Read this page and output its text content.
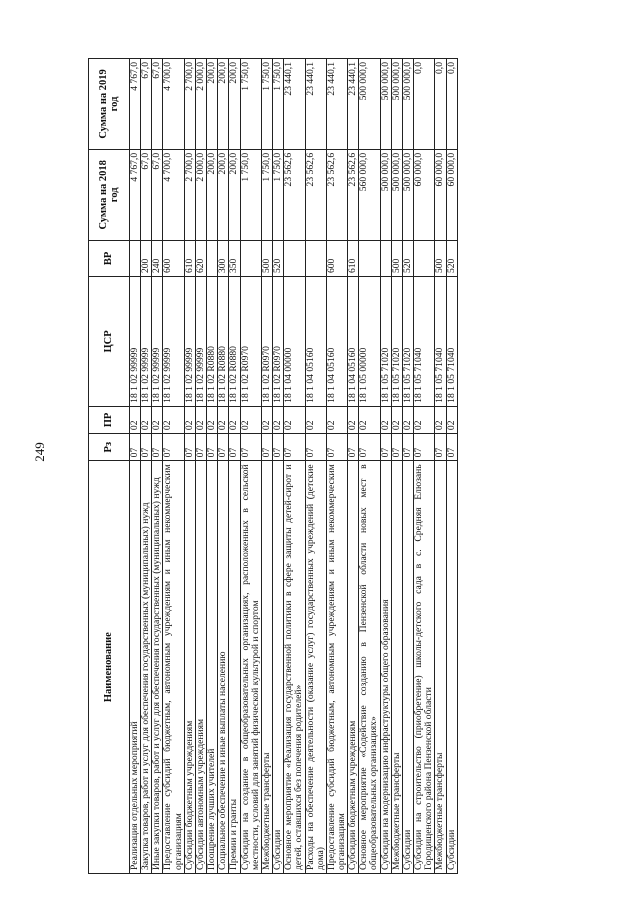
249
Наименование	Рз	ПР	ЦСР	ВР	Сумма на 2018 год	Сумма на 2019 год
Реализация отдельных мероприятий	07	02	18 1 02 99999		4 767,0	4 767,0
Закупка товаров, работ и услуг для обеспечения государственных (муниципальных) нужд	07	02	18 1 02 99999	200	67,0	67,0
Иные закупки товаров, работ и услуг для обеспечения государственных (муниципальных) нужд	07	02	18 1 02 99999	240	67,0	67,0
Предоставление субсидий бюджетным, автономным учреждениям и иным некоммерческим организациям	07	02	18 1 02 99999	600	4 700,0	4 700,0
Субсидии бюджетным учреждениям	07	02	18 1 02 99999	610	2 700,0	2 700,0
Субсидии автономным учреждениям	07	02	18 1 02 99999	620	2 000,0	2 000,0
Поощрение лучших учителей	07	02	18 1 02 R0880		200,0	200,0
Социальное обеспечение и иные выплаты населению	07	02	18 1 02 R0880	300	200,0	200,0
Премии и гранты	07	02	18 1 02 R0880	350	200,0	200,0
Субсидии на создание в общеобразовательных организациях, расположенных в сельской местности, условий для занятий физической культурой и спортом	07	02	18 1 02 R0970		1 750,0	1 750,0
Межбюджетные трансферты	07	02	18 1 02 R0970	500	1 750,0	1 750,0
Субсидии	07	02	18 1 02 R0970	520	1 750,0	1 750,0
Основное мероприятие «Реализация государственной политики в сфере защиты детей-сирот и детей, оставшихся без попечения родителей»	07	02	18 1 04 00000		23 562,6	23 440,1
Расходы на обеспечение деятельности (оказание услуг) государственных учреждений (детские дома)	07	02	18 1 04 05160		23 562,6	23 440,1
Предоставление субсидий бюджетным, автономным учреждениям и иным некоммерческим организациям	07	02	18 1 04 05160	600	23 562,6	23 440,1
Субсидии бюджетным учреждениям	07	02	18 1 04 05160	610	23 562,6	23 440,1
Основное мероприятие «Содействие созданию в Пензенской области новых мест в общеобразовательных организациях»	07	02	18 1 05 00000		560 000,0	500 000,0
Субсидии на модернизацию инфраструктуры общего образования	07	02	18 1 05 71020		500 000,0	500 000,0
Межбюджетные трансферты	07	02	18 1 05 71020	500	500 000,0	500 000,0
Субсидии	07	02	18 1 05 71020	520	500 000,0	500 000,0
Субсидии на строительство (приобретение) школы-детского сада в с. Средняя Елюзань Городищенского района Пензенской области	07	02	18 1 05 71040		60 000,0	0,0
Межбюджетные трансферты	07	02	18 1 05 71040	500	60 000,0	0,0
Субсидии	07	02	18 1 05 71040	520	60 000,0	0,0
